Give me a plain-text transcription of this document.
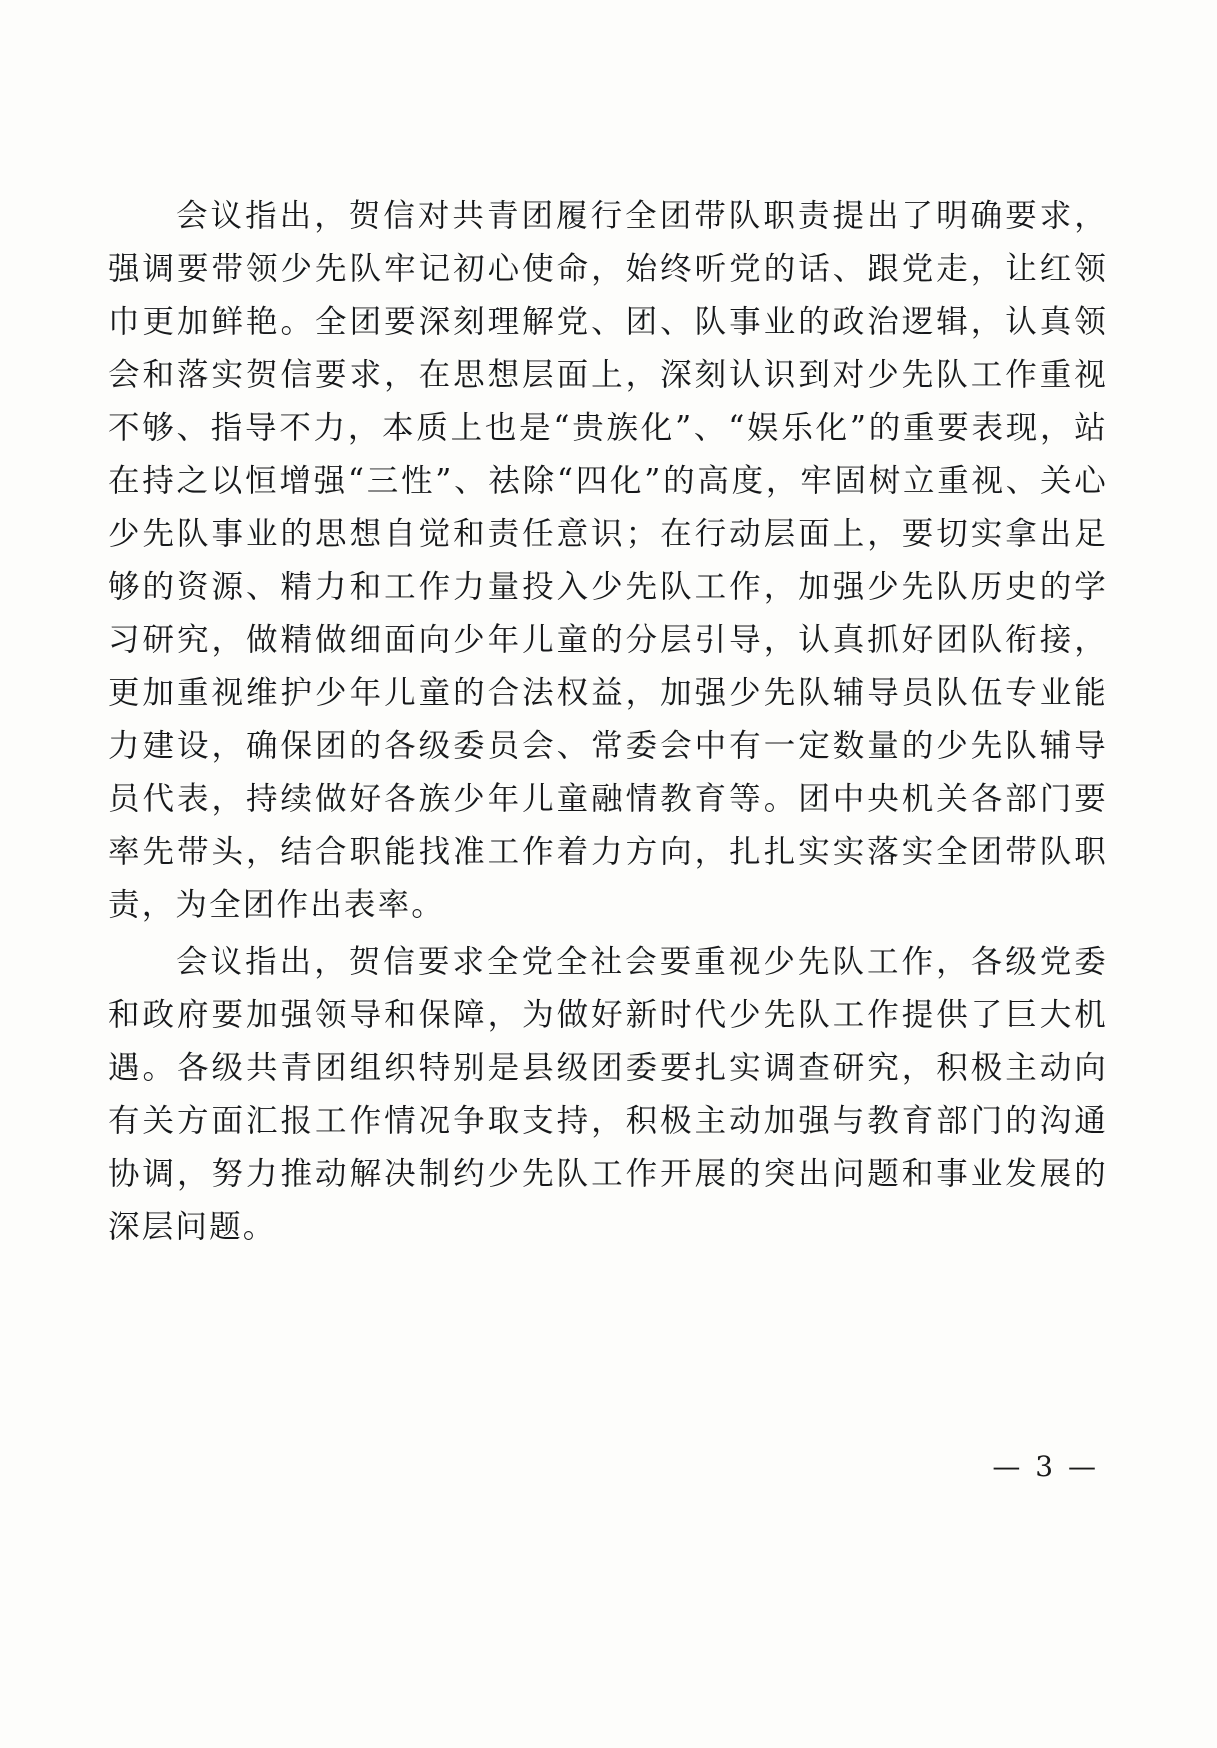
会议指出，贺信对共青团履行全团带队职责提出了明确要求，强调要带领少先队牢记初心使命，始终听党的话、跟党走，让红领巾更加鲜艳。全团要深刻理解党、团、队事业的政治逻辑，认真领会和落实贺信要求，在思想层面上，深刻认识到对少先队工作重视不够、指导不力，本质上也是“贵族化”、“娱乐化”的重要表现，站在持之以恒增强“三性”、祛除“四化”的高度，牢固树立重视、关心少先队事业的思想自觉和责任意识；在行动层面上，要切实拿出足够的资源、精力和工作力量投入少先队工作，加强少先队历史的学习研究，做精做细面向少年儿童的分层引导，认真抓好团队衔接，更加重视维护少年儿童的合法权益，加强少先队辅导员队伍专业能力建设，确保团的各级委员会、常委会中有一定数量的少先队辅导员代表，持续做好各族少年儿童融情教育等。团中央机关各部门要率先带头，结合职能找准工作着力方向，扎扎实实落实全团带队职责，为全团作出表率。

会议指出，贺信要求全党全社会要重视少先队工作，各级党委和政府要加强领导和保障，为做好新时代少先队工作提供了巨大机遇。各级共青团组织特别是县级团委要扎实调查研究，积极主动向有关方面汇报工作情况争取支持，积极主动加强与教育部门的沟通协调，努力推动解决制约少先队工作开展的突出问题和事业发展的深层问题。

— 3 —
